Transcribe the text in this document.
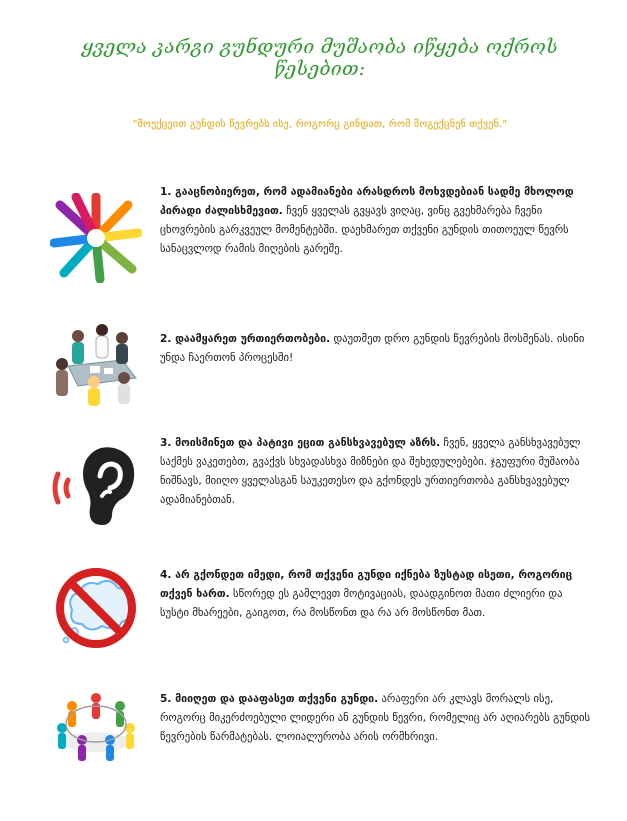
ყველა კარგი გუნდური მუშაობა იწყება ოქროს წესებით:
"მოექცეით გუნდის წევრებს ისე, როგორც გინდათ, რომ მოგექცნენ თქვენ."
1. გააცნობიერეთ, რომ ადამიანები არასდროს მოხვდებიან სადმე მხოლოდ პირადი ძალისხმევით. ჩვენ ყველას გვყავს ვიღაც, ვინც გვეხმარება ჩვენი ცხოვრების გარკვეულ მომენტებში. დაეხმარეთ თქვენი გუნდის თითოეულ წევრს სანაცვლოდ რამის მიღების გარეშე.
2. დაამყარეთ ურთიერთობები. დაუთმეთ დრო გუნდის წევრების მოსმენას. ისინი უნდა ჩაერთონ პროცესში!
3. მოისმინეთ და პატივი ეცით განსხვავებულ აზრს. ჩვენ, ყველა განსხვავებულ საქმეს ვაკეთებთ, გვაქვს სხვადასხვა მიზნები და შეხედულებები. ჯგუფური მუშაობა ნიშნავს, მიიღო ყველასგან საუკეთესო და გქონდეს ურთიერთობა განსხვავებულ ადამიანებთან.
4. არ გქონდეთ იმედი, რომ თქვენი გუნდი იქნება ზუსტად ისეთი, როგორიც თქვენ ხართ. სწორედ ეს გამლევთ მოტივაციას, დაადგინოთ მათი ძლიერი და სუსტი მხარეები, გაიგოთ, რა მოსწონთ და რა არ მოსწონთ მათ.
5. მიიღეთ და დააფასეთ თქვენი გუნდი. არაფერი არ კლავს მორალს ისე, როგორც მიკერძოებული ლიდერი ან გუნდის წევრი, რომელიც არ აღიარებს გუნდის წევრების წარმატებას. ლოიალურობა არის ორმხრივი.
